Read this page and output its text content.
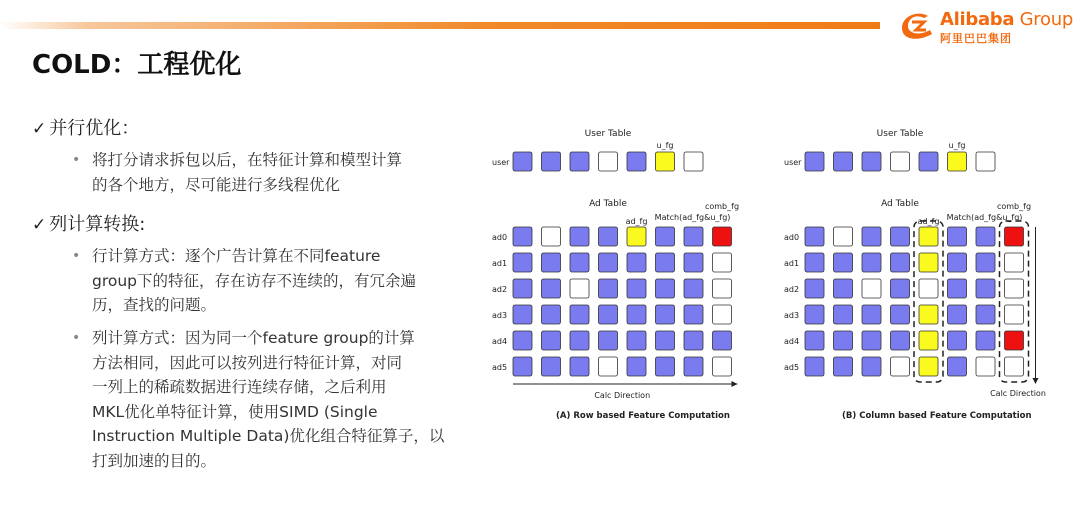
Alibaba Group
阿里巴巴集团
COLD：工程优化
✓ 并行优化：
• 将打分请求拆包以后，在特征计算和模型计算
的各个地方，尽可能进行多线程优化
✓ 列计算转换:
• 行计算方式：逐个广告计算在不同feature
group下的特征，存在访存不连续的，有冗余遍
历，查找的问题。
• 列计算方式：因为同一个feature group的计算
方法相同，因此可以按列进行特征计算，对同
一列上的稀疏数据进行连续存储，之后利用
MKL优化单特征计算，使用SIMD (Single
Instruction Multiple Data)优化组合特征算子，以
打到加速的目的。
User Table
user
u_fg
Ad Table
ad_fg
comb_fg
Match(ad_fg&u_fg)
ad0
ad1
ad2
ad3
ad4
ad5
Calc Direction
(A) Row based Feature Computation
User Table
user
u_fg
Ad Table
ad_fg
comb_fg
Match(ad_fg&u_fg)
ad0
ad1
ad2
ad3
ad4
ad5
Calc Direction
(B) Column based Feature Computation
